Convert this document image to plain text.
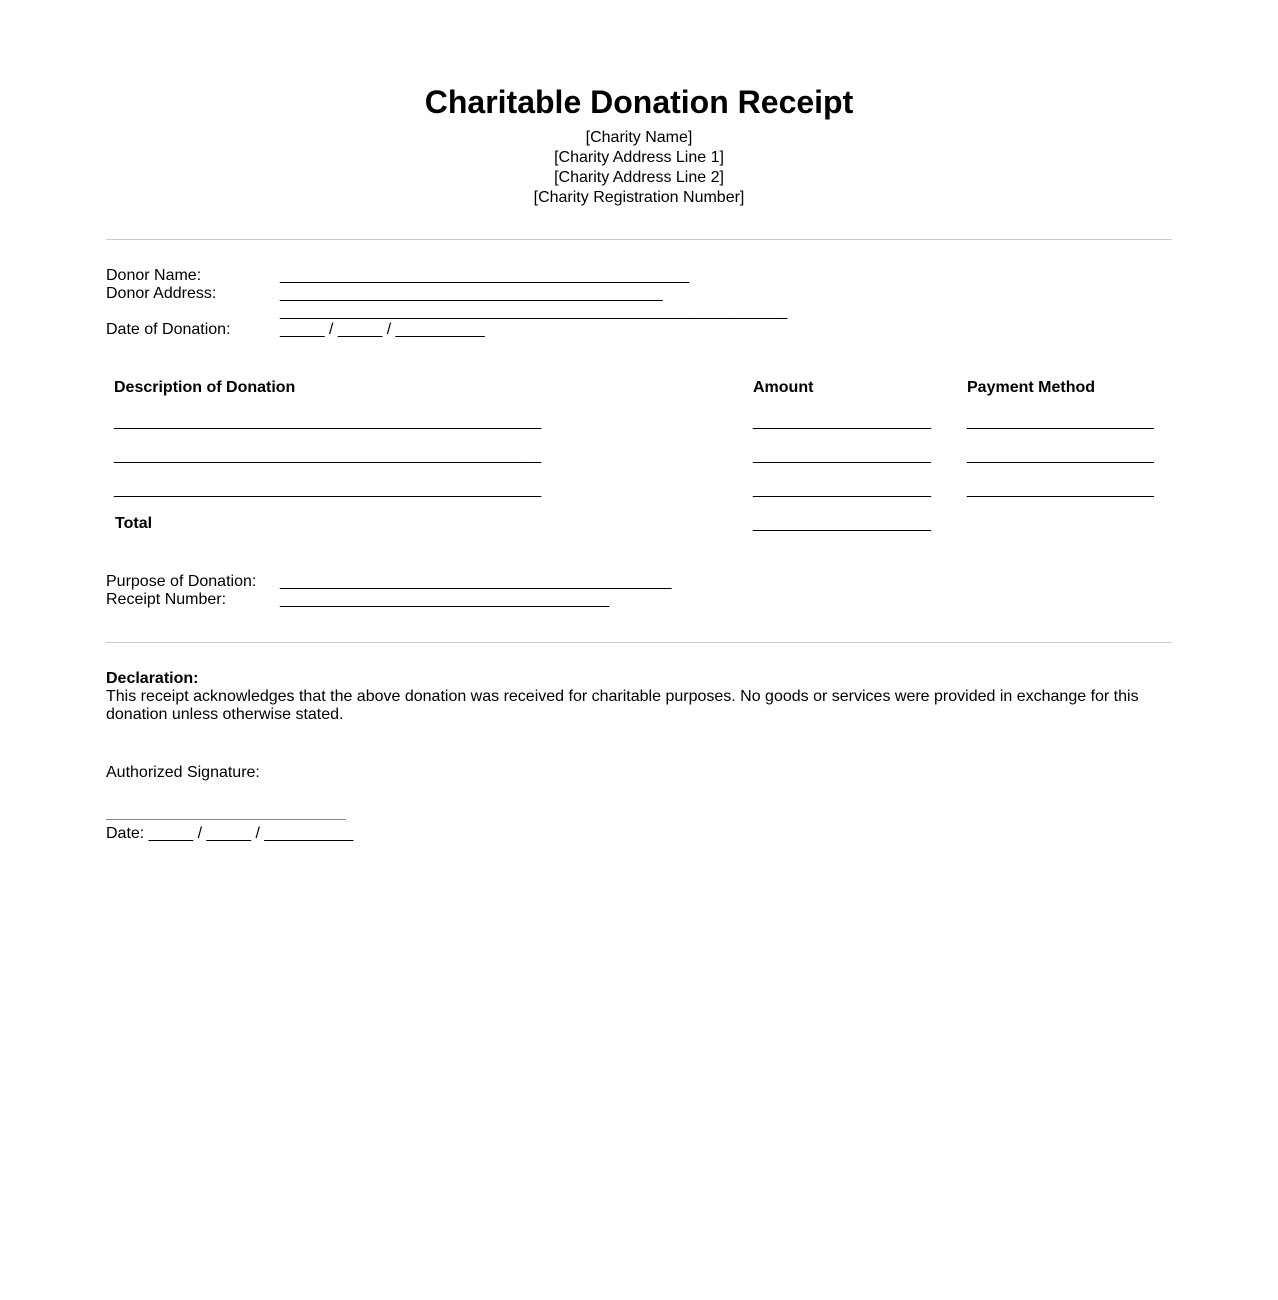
Charitable Donation Receipt
[Charity Name]
[Charity Address Line 1]
[Charity Address Line 2]
[Charity Registration Number]
Donor Name:	______________________________________________
Donor Address:	___________________________________________
_________________________________________________________
Date of Donation:	_____ / _____ / __________
Description of Donation	Amount	Payment Method
________________________________________________	____________________ _____________________
________________________________________________	____________________ _____________________
________________________________________________	____________________ _____________________
Total	____________________
Purpose of Donation: ____________________________________________
Receipt Number:	_____________________________________
Declaration:
This receipt acknowledges that the above donation was received for charitable purposes. No goods or services were provided in exchange for this donation unless otherwise stated.
Authorized Signature:
Date: _____ / _____ / __________
